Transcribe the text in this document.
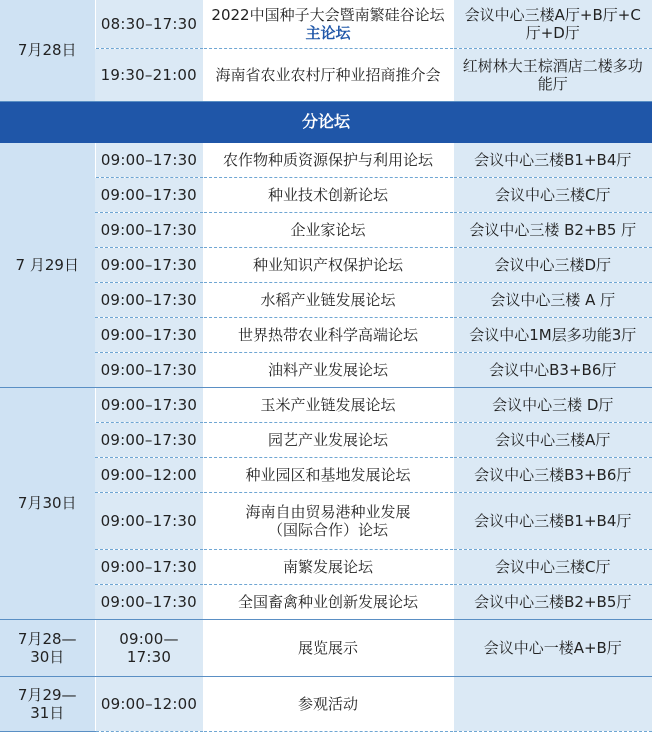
7月28日	08:30–17:30	2022中国种子大会暨南繁硅谷论坛
主论坛	会议中心三楼A厅+B厅+C厅+D厅
	19:30–21:00	海南省农业农村厅种业招商推介会	红树林大王棕酒店二楼多功能厅
分论坛			
7 月29日	09:00–17:30	农作物种质资源保护与利用论坛	会议中心三楼B1+B4厅
	09:00–17:30	种业技术创新论坛	会议中心三楼C厅
	09:00–17:30	企业家论坛	会议中心三楼 B2+B5 厅
	09:00–17:30	种业知识产权保护论坛	会议中心三楼D厅
	09:00–17:30	水稻产业链发展论坛	会议中心三楼 A 厅
	09:00–17:30	世界热带农业科学高端论坛	会议中心1M层多功能3厅
	09:00–17:30	油料产业发展论坛	会议中心B3+B6厅
7月30日	09:00–17:30	玉米产业链发展论坛	会议中心三楼 D厅
	09:00–17:30	园艺产业发展论坛	会议中心三楼A厅
	09:00–12:00	种业园区和基地发展论坛	会议中心三楼B3+B6厅
	09:00–17:30	海南自由贸易港种业发展
（国际合作）论坛	会议中心三楼B1+B4厅
	09:00–17:30	南繁发展论坛	会议中心三楼C厅
	09:00–17:30	全国畜禽种业创新发展论坛	会议中心三楼B2+B5厅

7月28—
30日	09:00—17:30	展览展示	会议中心一楼A+B厅

7月29—
31日	09:00–12:00	参观活动	
